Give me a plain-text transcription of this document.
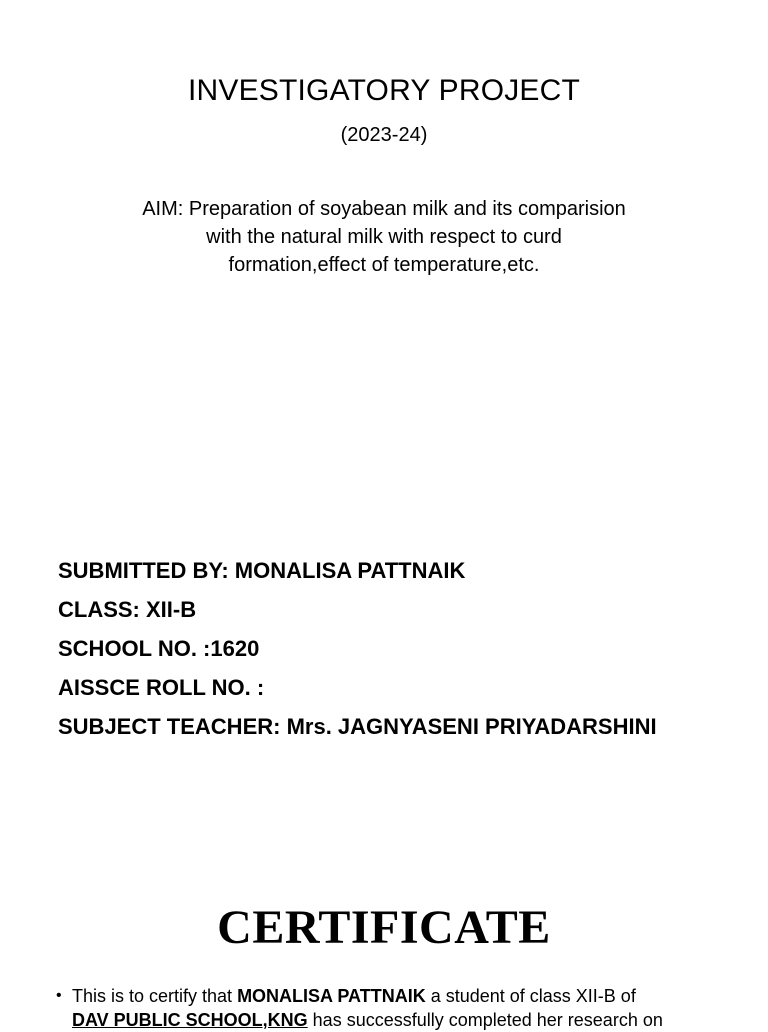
INVESTIGATORY PROJECT
(2023-24)
AIM: Preparation of soyabean milk and its comparision
with the natural milk with respect to curd
formation,effect of temperature,etc.
SUBMITTED BY: MONALISA PATTNAIK
CLASS: XII-B
SCHOOL NO. :1620
AISSCE ROLL NO. :
SUBJECT TEACHER: Mrs. JAGNYASENI PRIYADARSHINI
CERTIFICATE
• This is to certify that MONALISA PATTNAIK a student of class XII-B of
DAV PUBLIC SCHOOL,KNG has successfully completed her research on
